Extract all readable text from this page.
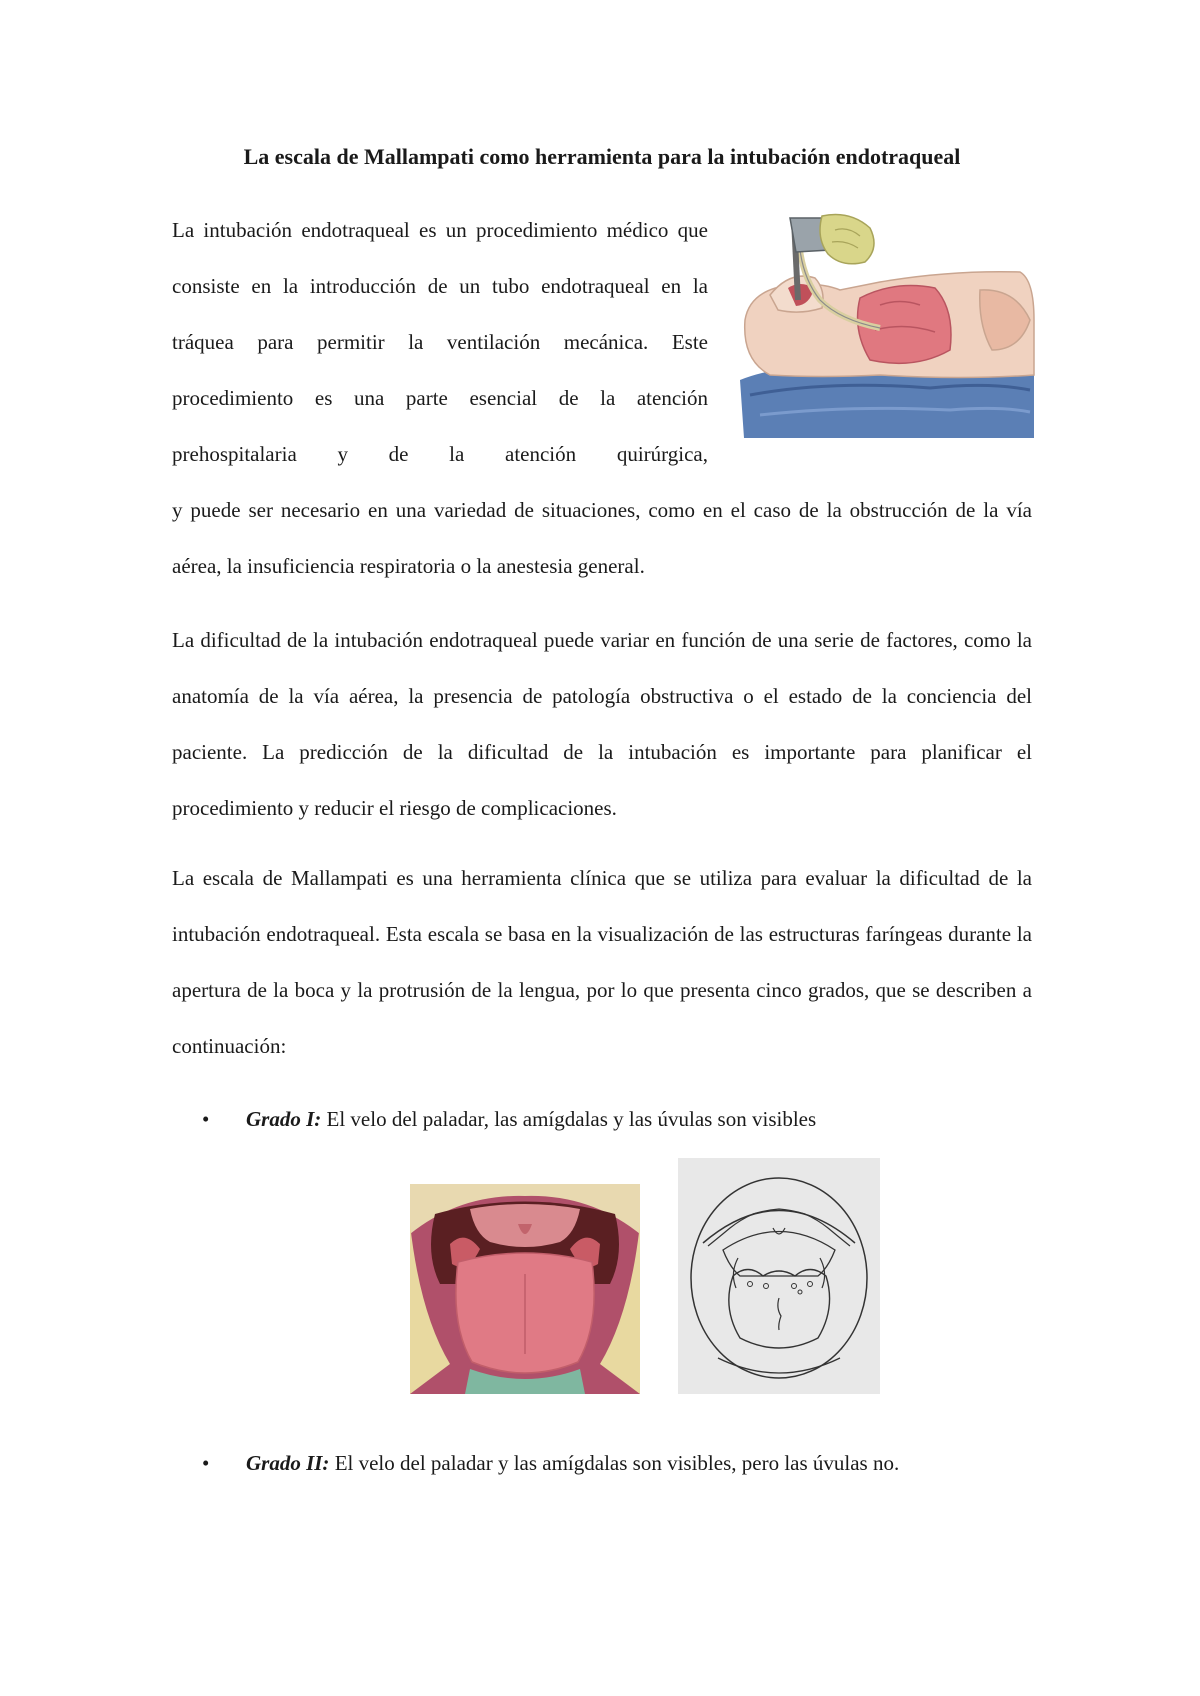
La escala de Mallampati como herramienta para la intubación endotraqueal

La intubación endotraqueal es un procedimiento médico que consiste en la introducción de un tubo endotraqueal en la tráquea para permitir la ventilación mecánica. Este procedimiento es una parte esencial de la atención prehospitalaria y de la atención quirúrgica,

y puede ser necesario en una variedad de situaciones, como en el caso de la obstrucción de la vía aérea, la insuficiencia respiratoria o la anestesia general.

La dificultad de la intubación endotraqueal puede variar en función de una serie de factores, como la anatomía de la vía aérea, la presencia de patología obstructiva o el estado de la conciencia del paciente. La predicción de la dificultad de la intubación es importante para planificar el procedimiento y reducir el riesgo de complicaciones.

La escala de Mallampati es una herramienta clínica que se utiliza para evaluar la dificultad de la intubación endotraqueal. Esta escala se basa en la visualización de las estructuras faríngeas durante la apertura de la boca y la protrusión de la lengua, por lo que presenta cinco grados, que se describen a continuación:

• Grado I: El velo del paladar, las amígdalas y las úvulas son visibles
• Grado II: El velo del paladar y las amígdalas son visibles, pero las úvulas no.
